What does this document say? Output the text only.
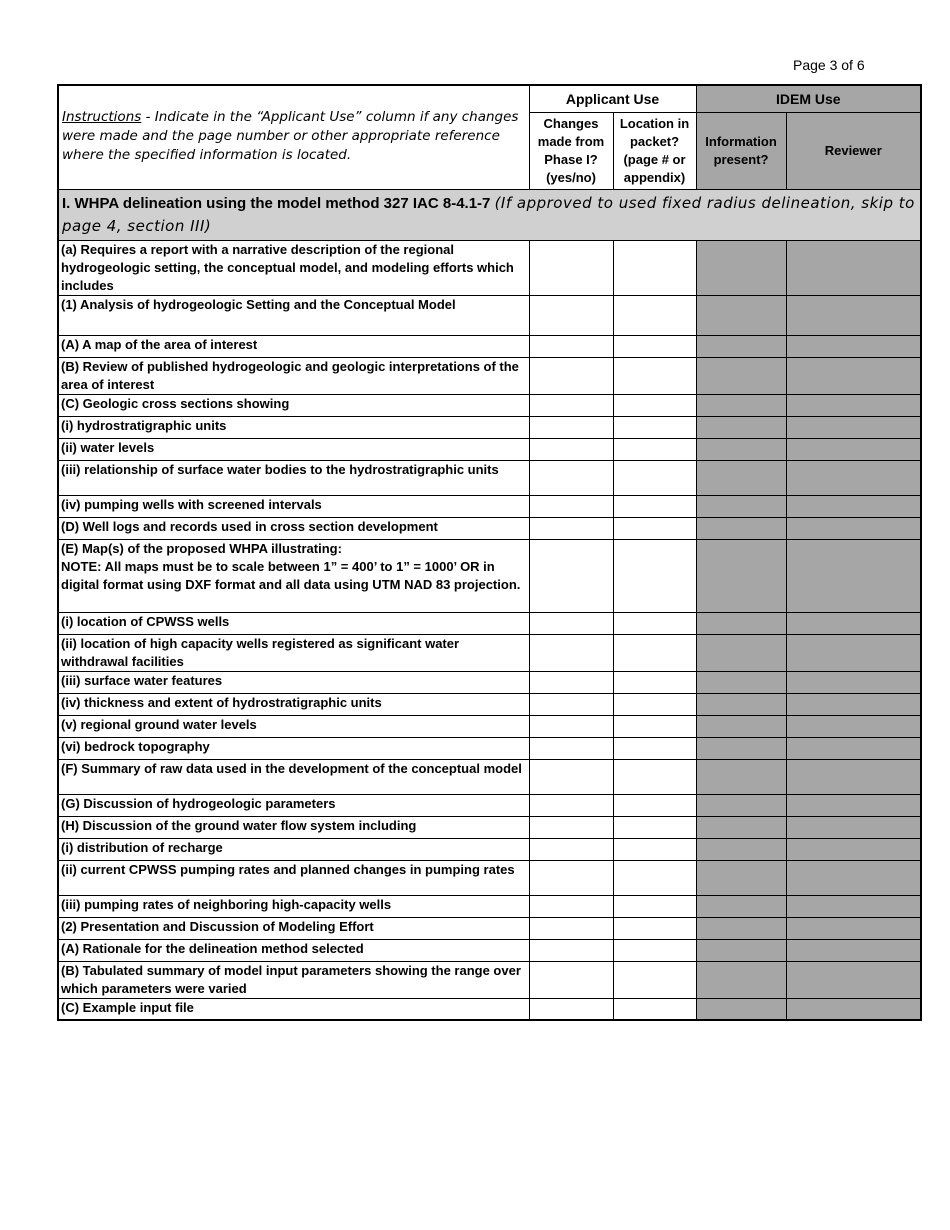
Page 3 of 6
Instructions - Indicate in the “Applicant Use” column if any changes were made and the page number or other appropriate reference where the specified information is located.	Applicant Use		IDEM Use	
	Changes made from Phase I? (yes/no)	Location in packet? (page # or appendix)	Information present?	Reviewer
I. WHPA delineation using the model method 327 IAC 8-4.1-7 (If approved to used fixed radius delineation, skip to page 4, section III)				
(a) Requires a report with a narrative description of the regional hydrogeologic setting, the conceptual model, and modeling efforts which includes				
(1) Analysis of hydrogeologic Setting and the Conceptual Model				
(A) A map of the area of interest				
(B) Review of published hydrogeologic and geologic interpretations of the area of interest				
(C) Geologic cross sections showing				
(i) hydrostratigraphic units				
(ii) water levels				
(iii) relationship of surface water bodies to the hydrostratigraphic units				
(iv) pumping wells with screened intervals				
(D) Well logs and records used in cross section development				
(E) Map(s) of the proposed WHPA illustrating:
NOTE: All maps must be to scale between 1” = 400’ to 1” = 1000’ OR in digital format using DXF format and all data using UTM NAD 83 projection.				
(i) location of CPWSS wells				
(ii) location of high capacity wells registered as significant water withdrawal facilities				
(iii) surface water features				
(iv) thickness and extent of hydrostratigraphic units				
(v) regional ground water levels				
(vi) bedrock topography				
(F) Summary of raw data used in the development of the conceptual model				
(G) Discussion of hydrogeologic parameters				
(H) Discussion of the ground water flow system including				
(i) distribution of recharge				
(ii) current CPWSS pumping rates and planned changes in pumping rates				
(iii) pumping rates of neighboring high-capacity wells				
(2) Presentation and Discussion of Modeling Effort				
(A) Rationale for the delineation method selected				
(B) Tabulated summary of model input parameters showing the range over which parameters were varied				
(C) Example input file				
